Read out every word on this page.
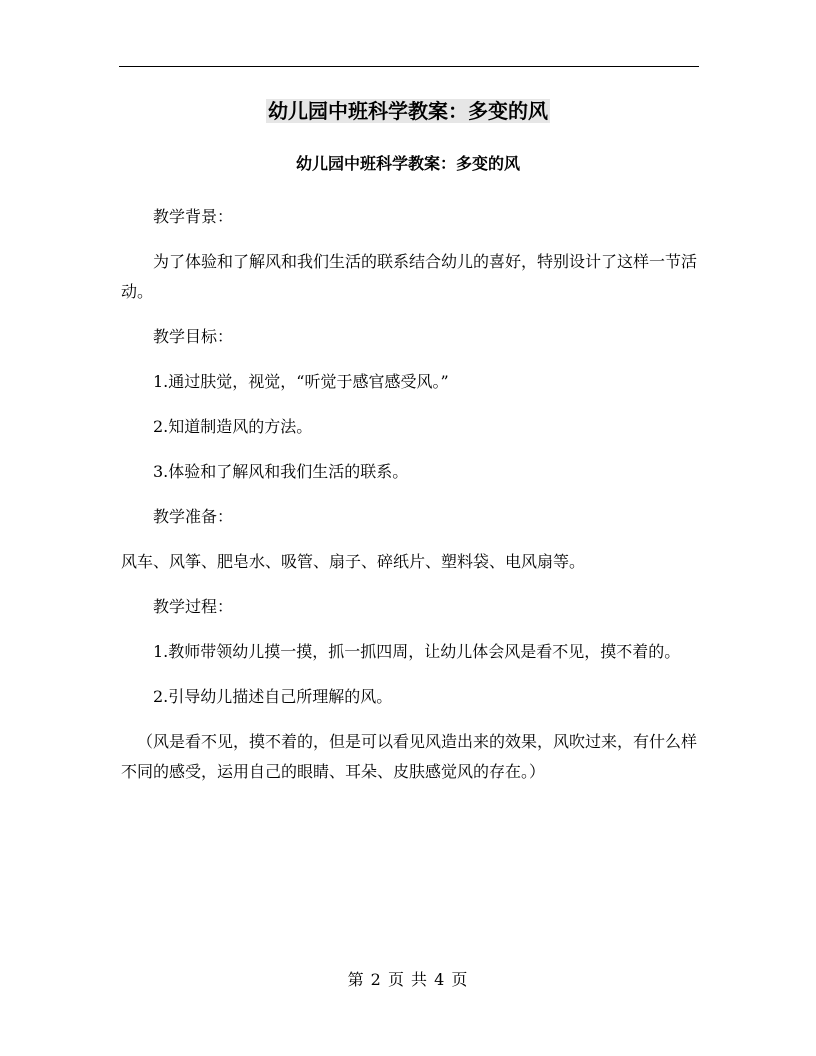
幼儿园中班科学教案：多变的风
幼儿园中班科学教案：多变的风

教学背景：

为了体验和了解风和我们生活的联系结合幼儿的喜好，特别设计了这样一节活动。

教学目标：

1.通过肤觉，视觉，“听觉于感官感受风。”

2.知道制造风的方法。

3.体验和了解风和我们生活的联系。

教学准备：

风车、风筝、肥皂水、吸管、扇子、碎纸片、塑料袋、电风扇等。

教学过程：

1.教师带领幼儿摸一摸，抓一抓四周，让幼儿体会风是看不见，摸不着的。

2.引导幼儿描述自己所理解的风。

（风是看不见，摸不着的，但是可以看见风造出来的效果，风吹过来，有什么样不同的感受，运用自己的眼睛、耳朵、皮肤感觉风的存在。）

第 2 页 共 4 页
